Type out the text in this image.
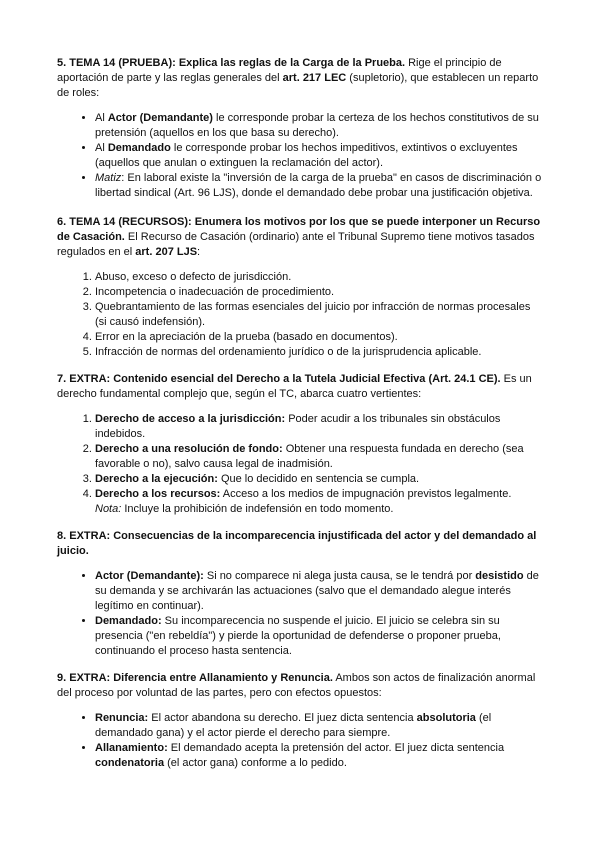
5. TEMA 14 (PRUEBA): Explica las reglas de la Carga de la Prueba. Rige el principio de aportación de parte y las reglas generales del art. 217 LEC (supletorio), que establecen un reparto de roles:

• Al Actor (Demandante) le corresponde probar la certeza de los hechos constitutivos de su pretensión (aquellos en los que basa su derecho).
• Al Demandado le corresponde probar los hechos impeditivos, extintivos o excluyentes (aquellos que anulan o extinguen la reclamación del actor).
• Matiz: En laboral existe la "inversión de la carga de la prueba" en casos de discriminación o libertad sindical (Art. 96 LJS), donde el demandado debe probar una justificación objetiva.

6. TEMA 14 (RECURSOS): Enumera los motivos por los que se puede interponer un Recurso de Casación. El Recurso de Casación (ordinario) ante el Tribunal Supremo tiene motivos tasados regulados en el art. 207 LJS:

1. Abuso, exceso o defecto de jurisdicción.
2. Incompetencia o inadecuación de procedimiento.
3. Quebrantamiento de las formas esenciales del juicio por infracción de normas procesales (si causó indefensión).
4. Error en la apreciación de la prueba (basado en documentos).
5. Infracción de normas del ordenamiento jurídico o de la jurisprudencia aplicable.

7. EXTRA: Contenido esencial del Derecho a la Tutela Judicial Efectiva (Art. 24.1 CE). Es un derecho fundamental complejo que, según el TC, abarca cuatro vertientes:

1. Derecho de acceso a la jurisdicción: Poder acudir a los tribunales sin obstáculos indebidos.
2. Derecho a una resolución de fondo: Obtener una respuesta fundada en derecho (sea favorable o no), salvo causa legal de inadmisión.
3. Derecho a la ejecución: Que lo decidido en sentencia se cumpla.
4. Derecho a los recursos: Acceso a los medios de impugnación previstos legalmente.
Nota: Incluye la prohibición de indefensión en todo momento.

8. EXTRA: Consecuencias de la incomparecencia injustificada del actor y del demandado al juicio.

• Actor (Demandante): Si no comparece ni alega justa causa, se le tendrá por desistido de su demanda y se archivarán las actuaciones (salvo que el demandado alegue interés legítimo en continuar).
• Demandado: Su incomparecencia no suspende el juicio. El juicio se celebra sin su presencia ("en rebeldía") y pierde la oportunidad de defenderse o proponer prueba, continuando el proceso hasta sentencia.

9. EXTRA: Diferencia entre Allanamiento y Renuncia. Ambos son actos de finalización anormal del proceso por voluntad de las partes, pero con efectos opuestos:

• Renuncia: El actor abandona su derecho. El juez dicta sentencia absolutoria (el demandado gana) y el actor pierde el derecho para siempre.
• Allanamiento: El demandado acepta la pretensión del actor. El juez dicta sentencia condenatoria (el actor gana) conforme a lo pedido.
